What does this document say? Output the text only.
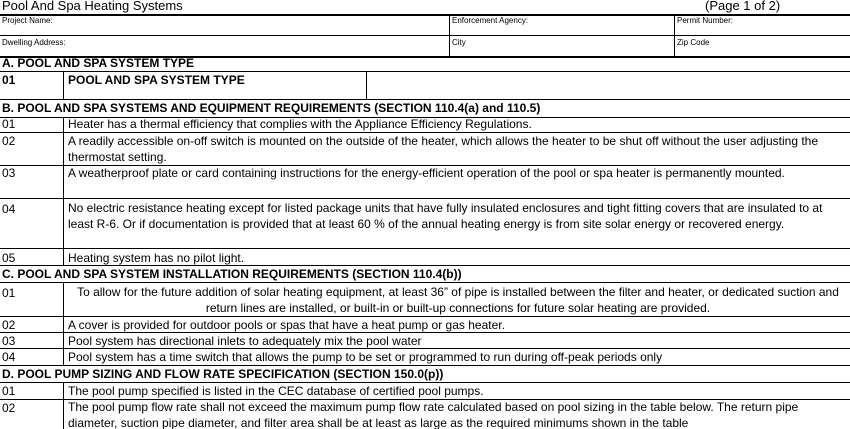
Pool And Spa Heating Systems	(Page 1 of 2)
Project Name:	Enforcement Agency:	Permit Number:
Dwelling Address:	City	Zip Code
A. POOL AND SPA SYSTEM TYPE
01	POOL AND SPA SYSTEM TYPE
B. POOL AND SPA SYSTEMS AND EQUIPMENT REQUIREMENTS (SECTION 110.4(a) and 110.5)
01	Heater has a thermal efficiency that complies with the Appliance Efficiency Regulations.
02	A readily accessible on-off switch is mounted on the outside of the heater, which allows the heater to be shut off without the user adjusting the thermostat setting.
03	A weatherproof plate or card containing instructions for the energy-efficient operation of the pool or spa heater is permanently mounted.
04	No electric resistance heating except for listed package units that have fully insulated enclosures and tight fitting covers that are insulated to at least R-6. Or if documentation is provided that at least 60 % of the annual heating energy is from site solar energy or recovered energy.
05	Heating system has no pilot light.
C. POOL AND SPA SYSTEM INSTALLATION REQUIREMENTS (SECTION 110.4(b))
01	To allow for the future addition of solar heating equipment, at least 36” of pipe is installed between the filter and heater, or dedicated suction and return lines are installed, or built-in or built-up connections for future solar heating are provided.
02	A cover is provided for outdoor pools or spas that have a heat pump or gas heater.
03	Pool system has directional inlets to adequately mix the pool water
04	Pool system has a time switch that allows the pump to be set or programmed to run during off-peak periods only
D. POOL PUMP SIZING AND FLOW RATE SPECIFICATION (SECTION 150.0(p))
01	The pool pump specified is listed in the CEC database of certified pool pumps.
02	The pool pump flow rate shall not exceed the maximum pump flow rate calculated based on pool sizing in the table below. The return pipe diameter, suction pipe diameter, and filter area shall be at least as large as the required minimums shown in the table
